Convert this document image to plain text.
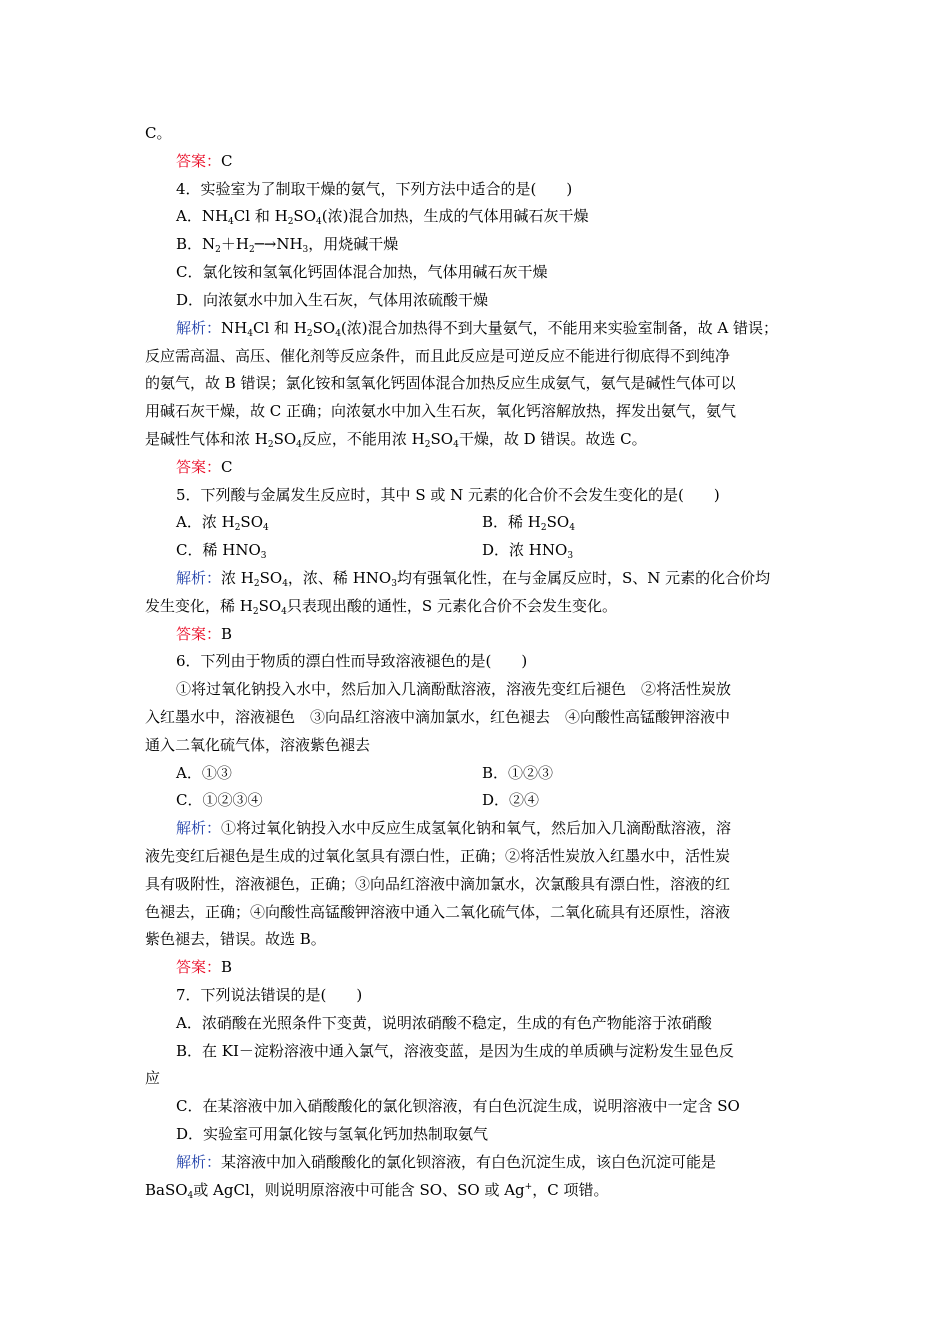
C。
答案：C
4．实验室为了制取干燥的氨气，下列方法中适合的是(　　)
A．$NH_4Cl$ 和 $H_2SO_4$(浓)混合加热，生成的气体用碱石灰干燥
B．$N_2+H_2─\to NH_3$，用烧碱干燥
C．氯化铵和氢氧化钙固体混合加热，气体用碱石灰干燥
D．向浓氨水中加入生石灰，气体用浓硫酸干燥
解析：$NH_4Cl$ 和 $H_2SO_4$(浓)混合加热得不到大量氨气，不能用来实验室制备，故 A 错误；
反应需高温、高压、催化剂等反应条件，而且此反应是可逆反应不能进行彻底得不到纯净
的氨气，故 B 错误；氯化铵和氢氧化钙固体混合加热反应生成氨气，氨气是碱性气体可以
用碱石灰干燥，故 C 正确；向浓氨水中加入生石灰，氧化钙溶解放热，挥发出氨气，氨气
是碱性气体和浓 $H_2SO_4$反应，不能用浓 $H_2SO_4$干燥，故 D 错误。故选 C。
答案：C
5．下列酸与金属发生反应时，其中 S 或 N 元素的化合价不会发生变化的是(　　)
A．浓 $H_2SO_4$	B．稀 $H_2SO_4$
C．稀 $HNO_3$	D．浓 $HNO_3$
解析：浓 $H_2SO_4$，浓、稀 $HNO_3$均有强氧化性，在与金属反应时，S、N 元素的化合价均
发生变化，稀 $H_2SO_4$只表现出酸的通性，S 元素化合价不会发生变化。
答案：B
6．下列由于物质的漂白性而导致溶液褪色的是(　　)
①将过氧化钠投入水中，然后加入几滴酚酞溶液，溶液先变红后褪色　②将活性炭放
入红墨水中，溶液褪色　③向品红溶液中滴加氯水，红色褪去　④向酸性高锰酸钾溶液中
通入二氧化硫气体，溶液紫色褪去
A．①③	B．①②③
C．①②③④	D．②④
解析：①将过氧化钠投入水中反应生成氢氧化钠和氧气，然后加入几滴酚酞溶液，溶
液先变红后褪色是生成的过氧化氢具有漂白性，正确；②将活性炭放入红墨水中，活性炭
具有吸附性，溶液褪色，正确；③向品红溶液中滴加氯水，次氯酸具有漂白性，溶液的红
色褪去，正确；④向酸性高锰酸钾溶液中通入二氧化硫气体，二氧化硫具有还原性，溶液
紫色褪去，错误。故选 B。
答案：B
7．下列说法错误的是(　　)
A．浓硝酸在光照条件下变黄，说明浓硝酸不稳定，生成的有色产物能溶于浓硝酸
B．在 KI－淀粉溶液中通入氯气，溶液变蓝，是因为生成的单质碘与淀粉发生显色反
应
C．在某溶液中加入硝酸酸化的氯化钡溶液，有白色沉淀生成，说明溶液中一定含 SO
D．实验室可用氯化铵与氢氧化钙加热制取氨气
解析：某溶液中加入硝酸酸化的氯化钡溶液，有白色沉淀生成，该白色沉淀可能是
BaSO$_4$或 AgCl，则说明原溶液中可能含 SO、SO 或 Ag+，C 项错。
